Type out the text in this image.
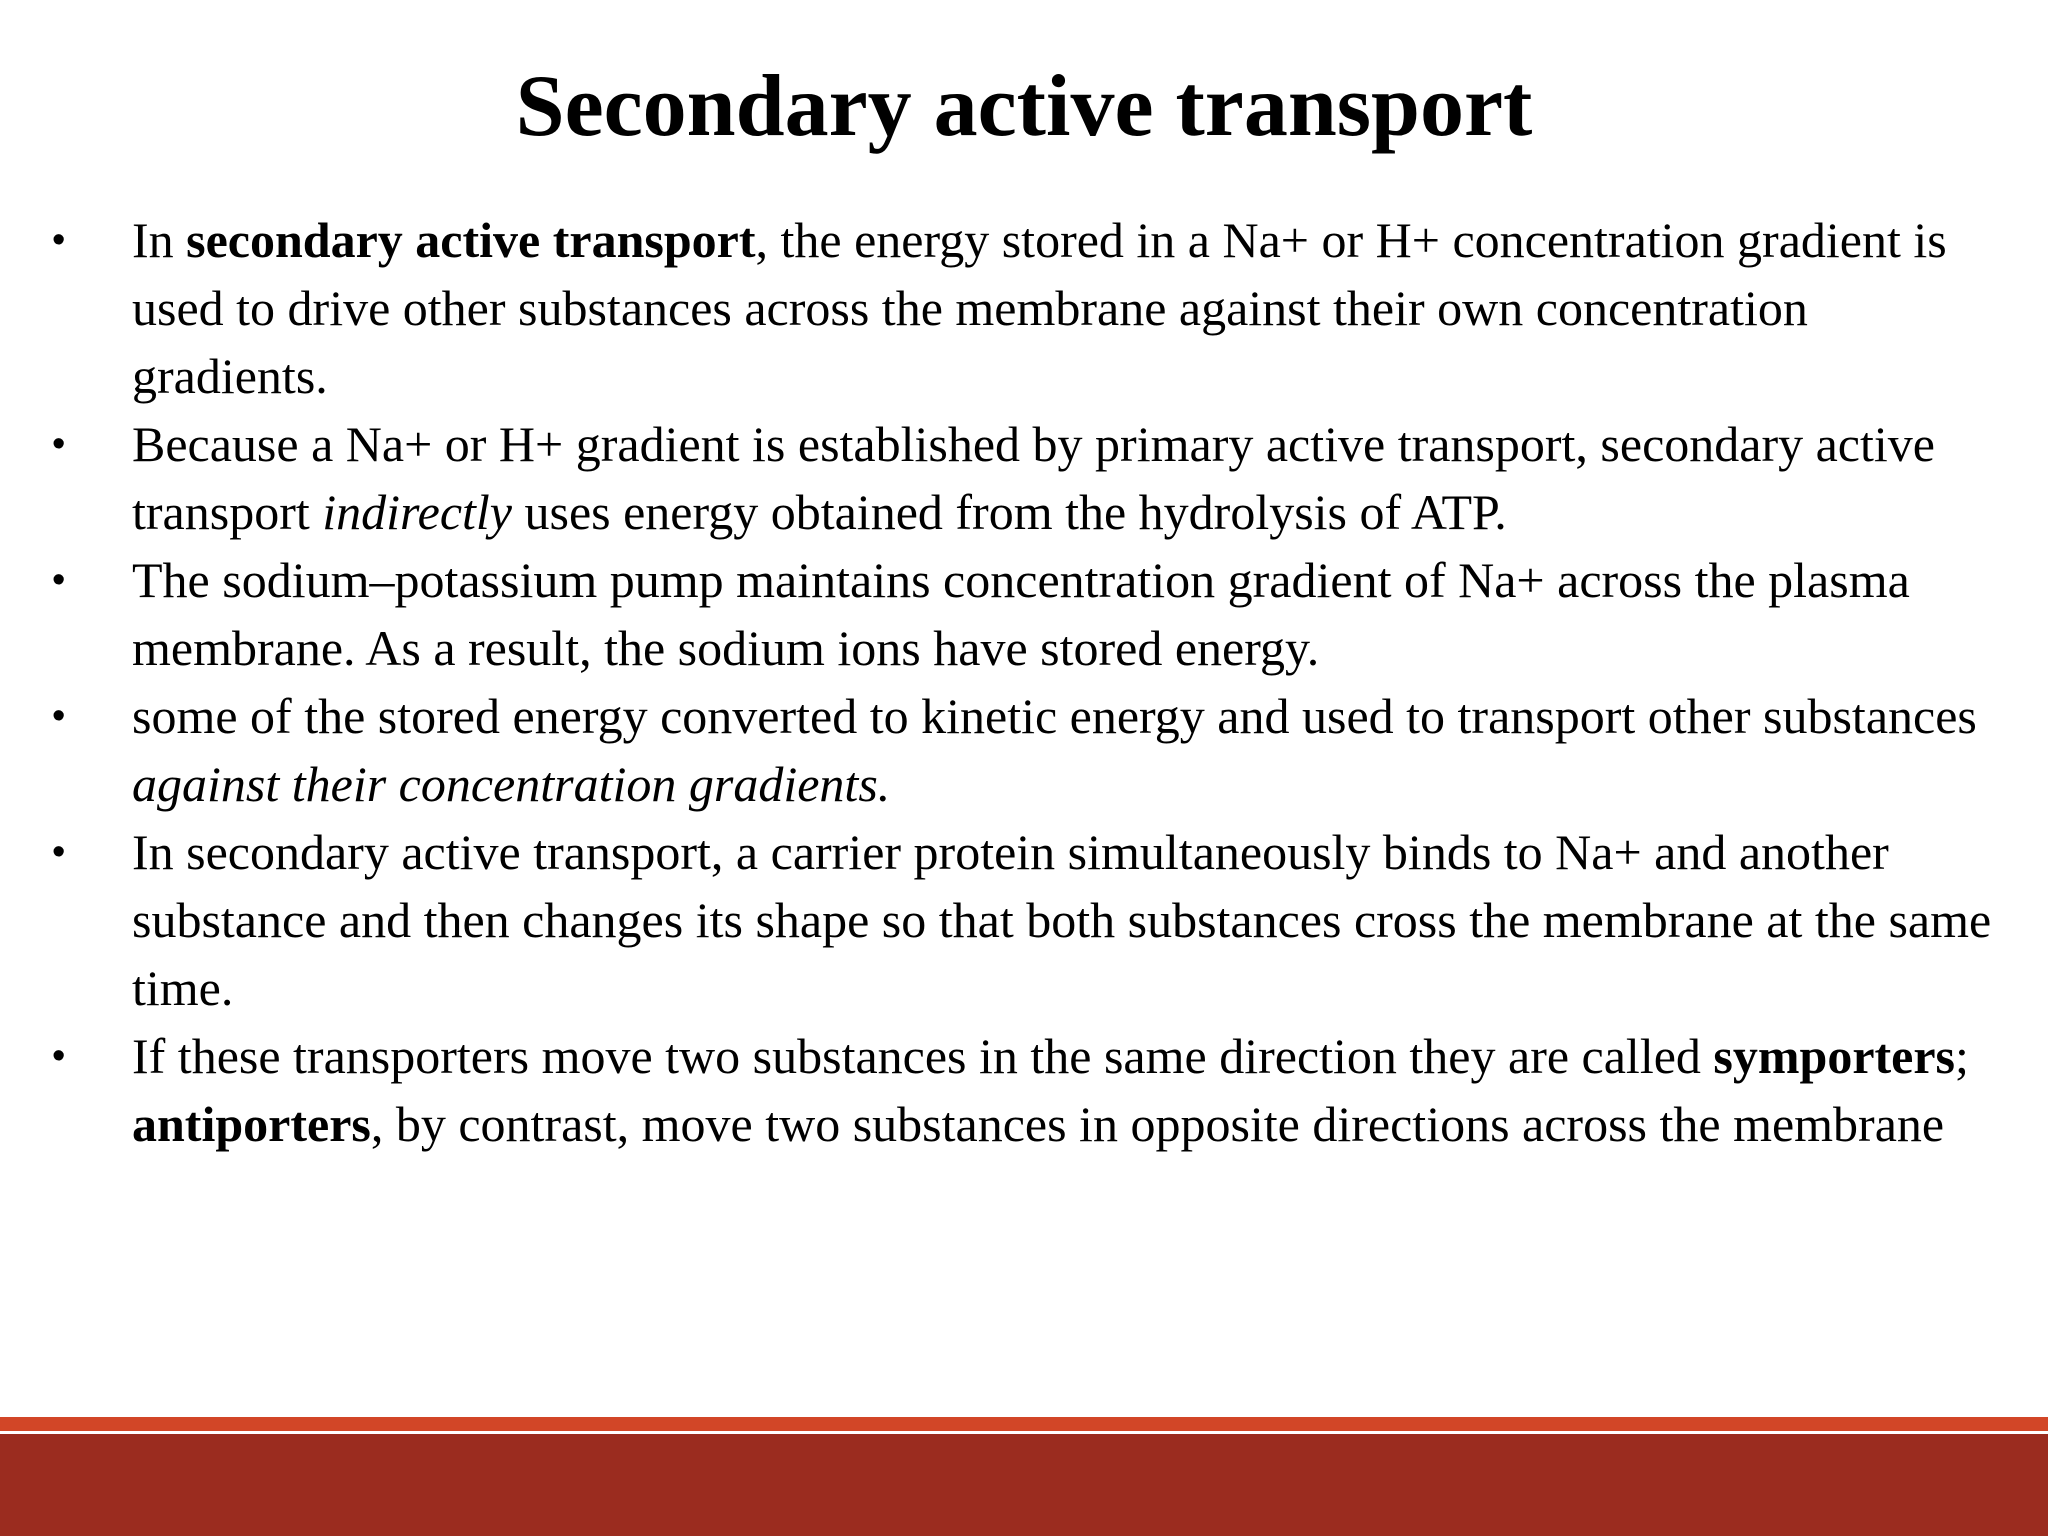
Secondary active transport
• In secondary active transport, the energy stored in a Na+ or H+ concentration gradient is used to drive other substances across the membrane against their own concentration gradients.
• Because a Na+ or H+ gradient is established by primary active transport, secondary active transport indirectly uses energy obtained from the hydrolysis of ATP.
• The sodium–potassium pump maintains concentration gradient of Na+ across the plasma membrane. As a result, the sodium ions have stored energy.
• some of the stored energy converted to kinetic energy and used to transport other substances against their concentration gradients.
• In secondary active transport, a carrier protein simultaneously binds to Na+ and another substance and then changes its shape so that both substances cross the membrane at the same time.
• If these transporters move two substances in the same direction they are called symporters; antiporters, by contrast, move two substances in opposite directions across the membrane
